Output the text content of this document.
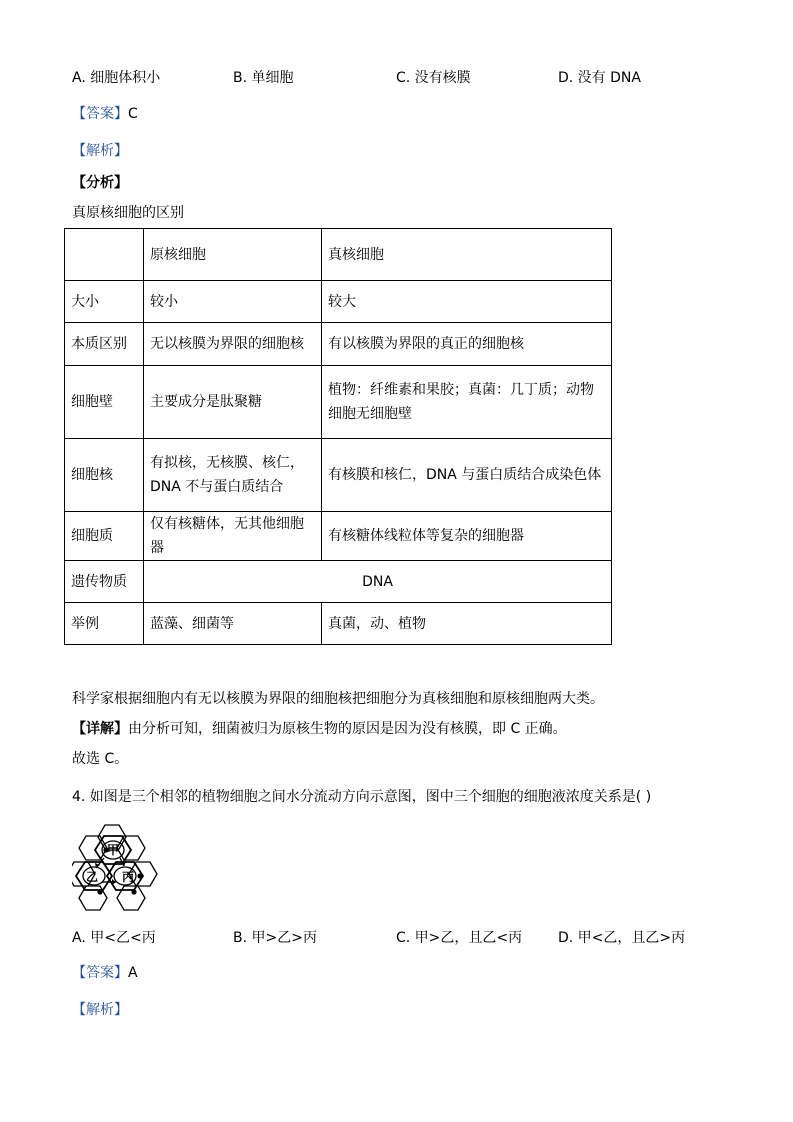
A. 细胞体积小	B. 单细胞	C. 没有核膜	D. 没有 DNA
【答案】C
【解析】
【分析】
真原核细胞的区别
	原核细胞	真核细胞
大小	较小	较大
本质区别	无以核膜为界限的细胞核	有以核膜为界限的真正的细胞核
细胞壁	主要成分是肽聚糖	植物：纤维素和果胶；真菌：几丁质；动物细胞无细胞壁
细胞核	有拟核，无核膜、核仁，DNA 不与蛋白质结合	有核膜和核仁，DNA 与蛋白质结合成染色体
细胞质	仅有核糖体，无其他细胞器	有核糖体线粒体等复杂的细胞器
遗传物质	DNA	
举例	蓝藻、细菌等	真菌，动、植物
科学家根据细胞内有无以核膜为界限的细胞核把细胞分为真核细胞和原核细胞两大类。
【详解】由分析可知，细菌被归为原核生物的原因是因为没有核膜，即 C 正确。
故选 C。
4. 如图是三个相邻的植物细胞之间水分流动方向示意图，图中三个细胞的细胞液浓度关系是( )
甲
乙 丙
A. 甲<乙<丙	B. 甲>乙>丙	C. 甲>乙，且乙<丙	D. 甲<乙，且乙>丙
【答案】A
【解析】
